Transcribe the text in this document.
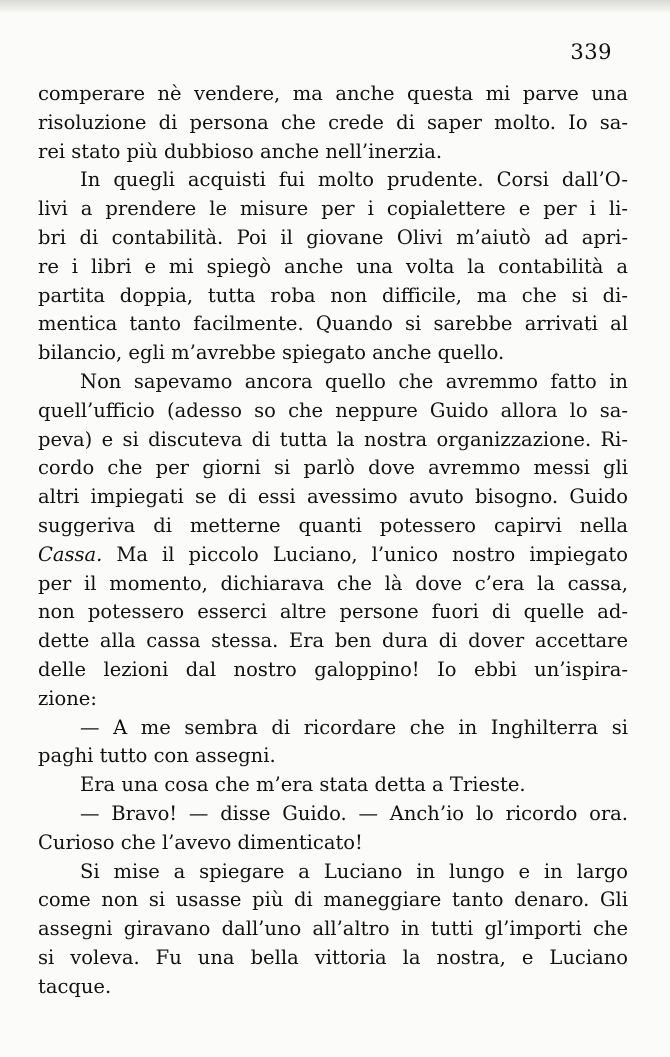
339
comperare nè vendere, ma anche questa mi parve una
risoluzione di persona che crede di saper molto. Io sa-
rei stato più dubbioso anche nell’inerzia.
In quegli acquisti fui molto prudente. Corsi dall’O-
livi a prendere le misure per i copialettere e per i li-
bri di contabilità. Poi il giovane Olivi m’aiutò ad apri-
re i libri e mi spiegò anche una volta la contabilità a
partita doppia, tutta roba non difficile, ma che si di-
mentica tanto facilmente. Quando si sarebbe arrivati al
bilancio, egli m’avrebbe spiegato anche quello.
Non sapevamo ancora quello che avremmo fatto in
quell’ufficio (adesso so che neppure Guido allora lo sa-
peva) e si discuteva di tutta la nostra organizzazione. Ri-
cordo che per giorni si parlò dove avremmo messi gli
altri impiegati se di essi avessimo avuto bisogno. Guido
suggeriva di metterne quanti potessero capirvi nella
Cassa. Ma il piccolo Luciano, l’unico nostro impiegato
per il momento, dichiarava che là dove c’era la cassa,
non potessero esserci altre persone fuori di quelle ad-
dette alla cassa stessa. Era ben dura di dover accettare
delle lezioni dal nostro galoppino! Io ebbi un’ispira-
zione:
— A me sembra di ricordare che in Inghilterra si
paghi tutto con assegni.
Era una cosa che m’era stata detta a Trieste.
— Bravo! — disse Guido. — Anch’io lo ricordo ora.
Curioso che l’avevo dimenticato!
Si mise a spiegare a Luciano in lungo e in largo
come non si usasse più di maneggiare tanto denaro. Gli
assegni giravano dall’uno all’altro in tutti gl’importi che
si voleva. Fu una bella vittoria la nostra, e Luciano
tacque.
